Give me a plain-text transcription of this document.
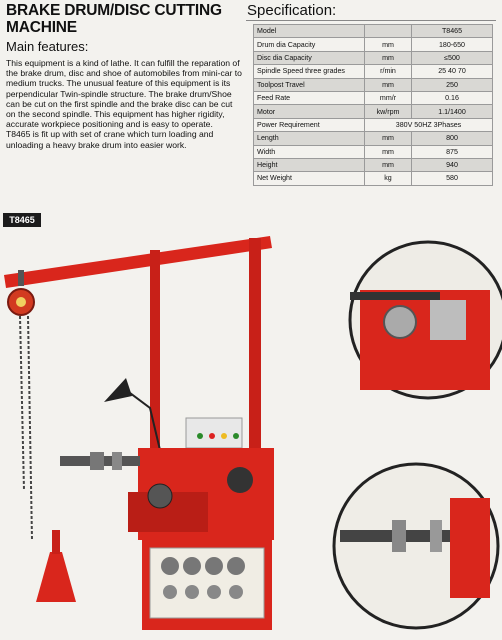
BRAKE DRUM/DISC CUTTING MACHINE
Main features:

This equipment is a kind of lathe. It can fulfill the reparation of the brake drum, disc and shoe of automobiles from mini-car to medium trucks. The unusual feature of this equipment is its perpendicular Twin-spindle structure. The brake drum/Shoe can be cut on the first spindle and the brake disc can be cut on the second spindle. This equipment has higher rigidity, accurate workpiece positioning and is easy to operate.

T8465 is fit up with set of crane which turn loading and unloading a heavy brake drum into easier work.

Specification:
Model		T8465
Drum dia Capacity	mm	180-650
Disc dia Capacity	mm	≤500
Spindle Speed three grades	r/min	25 40 70
Toolpost Travel	mm	250
Feed Rate	mm/r	0.16
Motor	kw/rpm	1.1/1400
Power Requirement	380V 50HZ 3Phases	
Length	mm	800
Width	mm	875
Height	mm	940
Net Weight	kg	580
T8465
